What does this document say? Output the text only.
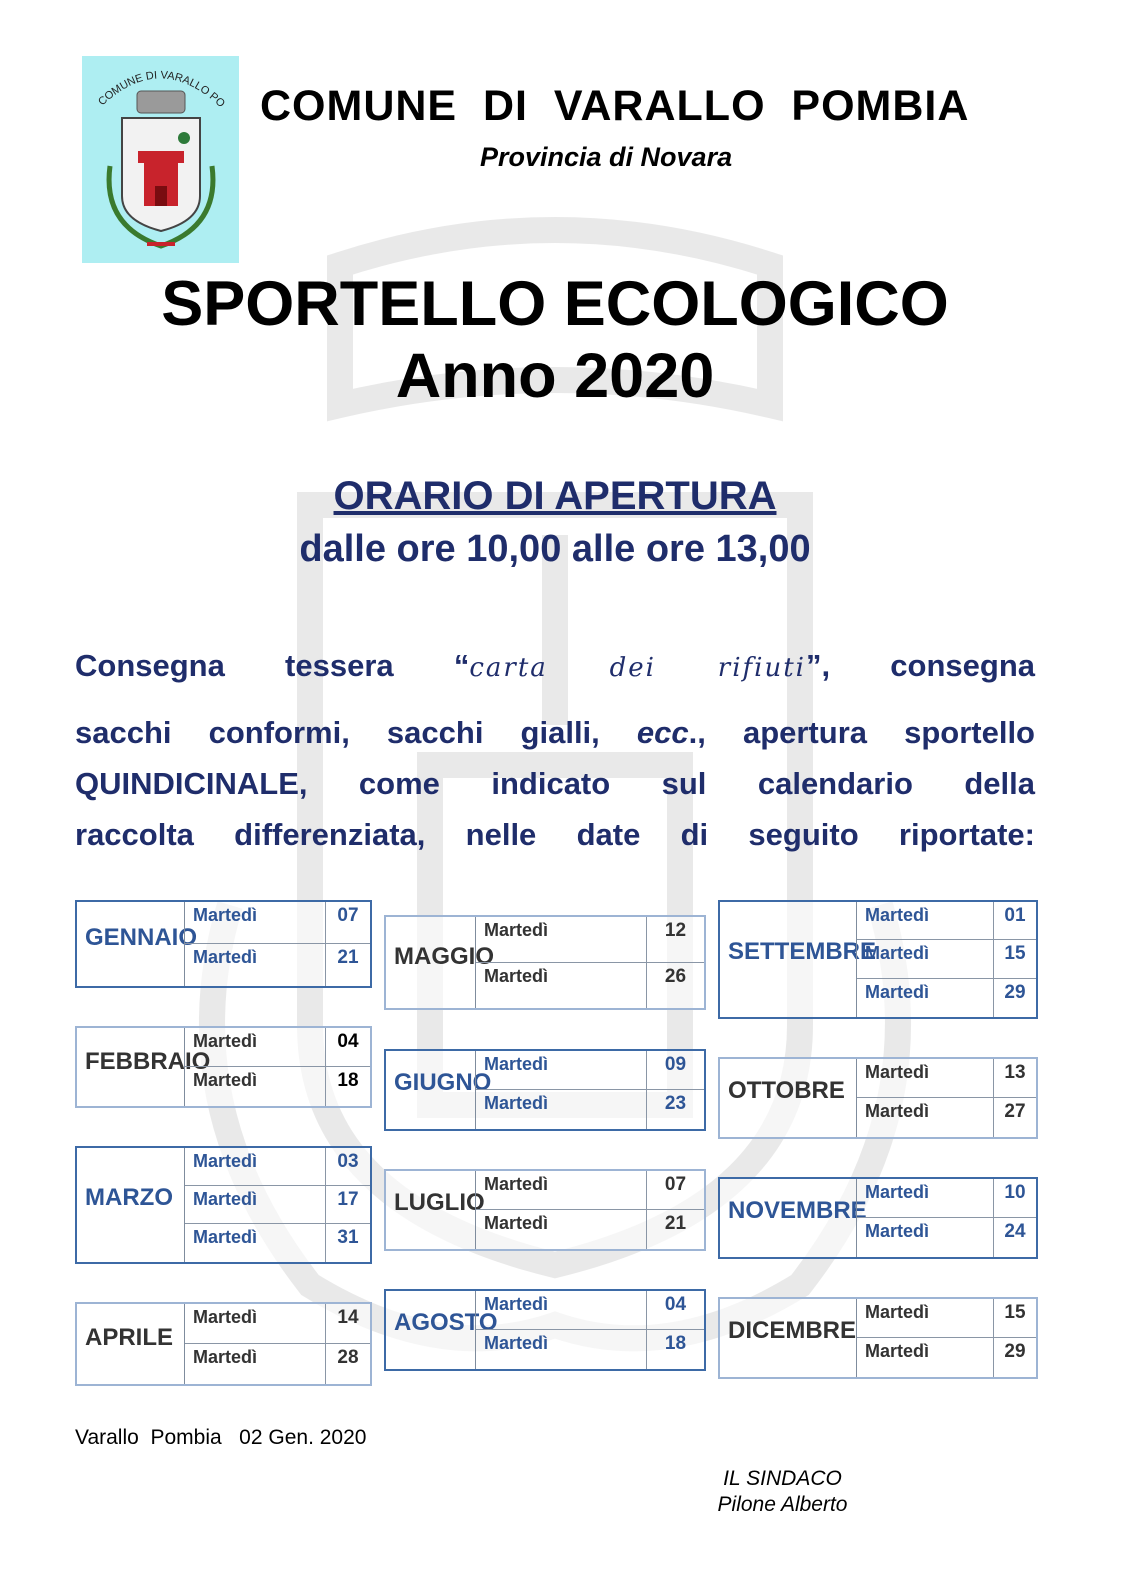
COMUNE DI VARALLO PO COMUNE  DI  VARALLO  POMBIA
Provincia di Novara
SPORTELLO ECOLOGICO
Anno 2020
ORARIO DI APERTURA
dalle ore 10,00 alle ore 13,00
Consegna tessera “carta dei rifiuti”, consegna
sacchi conformi, sacchi gialli, ecc., apertura sportello
QUINDICINALE, come indicato sul calendario della
raccolta differenziata, nelle date di seguito riportate:
GENNAIO
Martedì	07
Martedì	21
FEBBRAIO
Martedì	04
Martedì	18
MARZO
Martedì	03
Martedì	17
Martedì	31
APRILE
Martedì	14
Martedì	28
MAGGIO
Martedì	12
Martedì	26
GIUGNO
Martedì	09
Martedì	23
LUGLIO
Martedì	07
Martedì	21
AGOSTO
Martedì	04
Martedì	18
SETTEMBRE
Martedì	01
Martedì	15
Martedì	29
OTTOBRE
Martedì	13
Martedì	27
NOVEMBRE
Martedì	10
Martedì	24
DICEMBRE
Martedì	15
Martedì	29
Varallo  Pombia   02 Gen. 2020
IL SINDACO
Pilone Alberto
